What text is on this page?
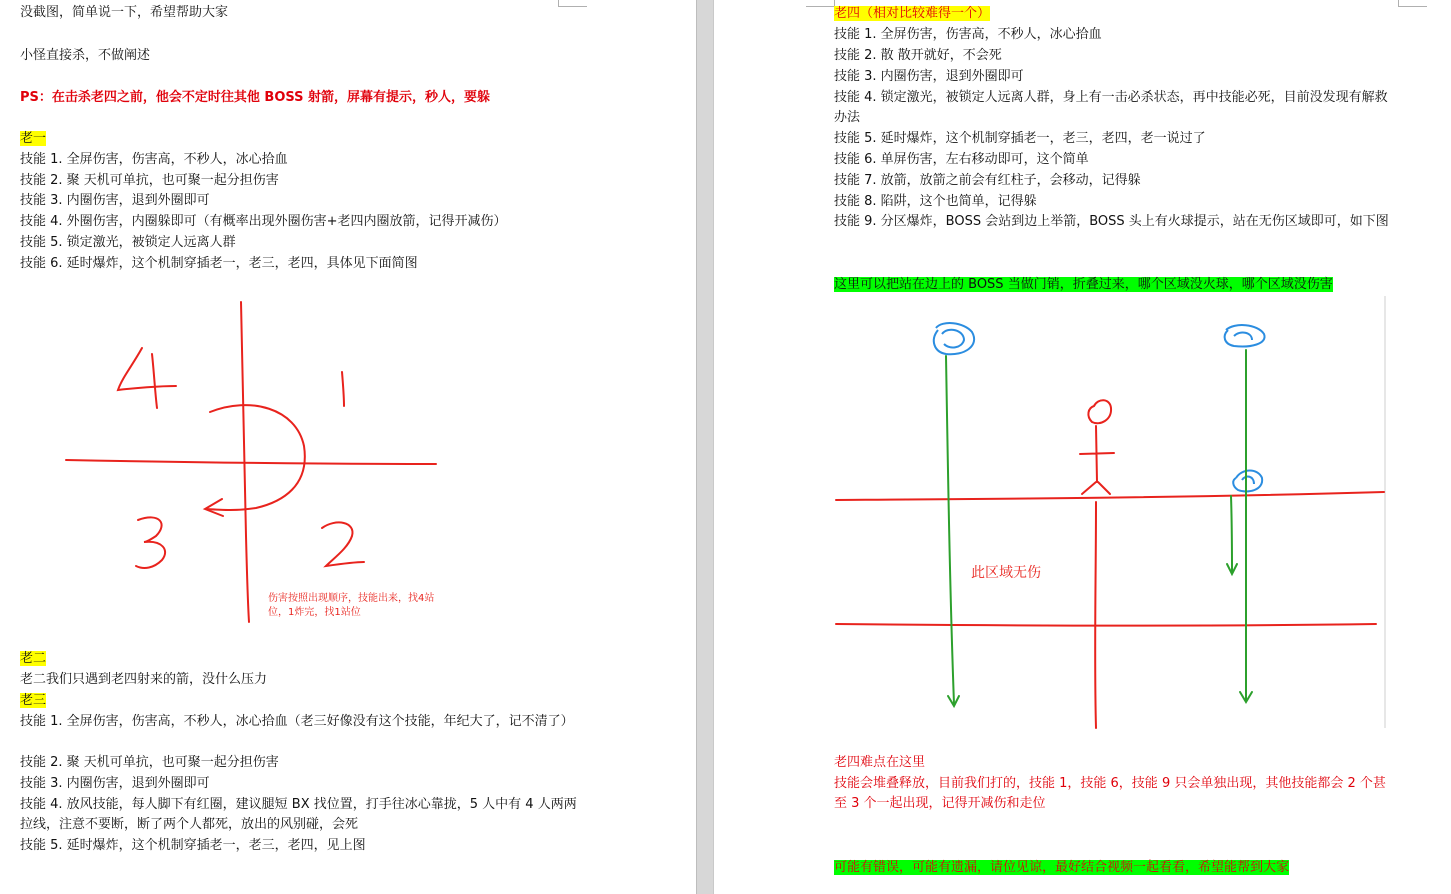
没截图，简单说一下，希望帮助大家
小怪直接杀，不做阐述
PS：在击杀老四之前，他会不定时往其他 BOSS 射箭，屏幕有提示，秒人，要躲
老一
技能 1. 全屏伤害，伤害高，不秒人，冰心拾血
技能 2. 聚 天机可单抗，也可聚一起分担伤害
技能 3. 内圈伤害，退到外圈即可
技能 4. 外圈伤害，内圈躲即可（有概率出现外圈伤害+老四内圈放箭，记得开减伤）
技能 5. 锁定激光，被锁定人远离人群
技能 6. 延时爆炸，这个机制穿插老一，老三，老四，具体见下面简图
伤害按照出现顺序，技能出来，找4站
位，1炸完，找1站位
老二
老二我们只遇到老四射来的箭，没什么压力
老三
技能 1. 全屏伤害，伤害高，不秒人，冰心拾血（老三好像没有这个技能，年纪大了，记不清了）
技能 2. 聚 天机可单抗，也可聚一起分担伤害
技能 3. 内圈伤害，退到外圈即可
技能 4. 放风技能，每人脚下有红圈，建议腿短 BX 找位置，打手往冰心靠拢，5 人中有 4 人两两拉线，注意不要断，断了两个人都死，放出的风别碰，会死
技能 5. 延时爆炸，这个机制穿插老一，老三，老四，见上图
老四（相对比较难得一个）
技能 1. 全屏伤害，伤害高，不秒人，冰心拾血
技能 2. 散 散开就好，不会死
技能 3. 内圈伤害，退到外圈即可
技能 4. 锁定激光，被锁定人远离人群，身上有一击必杀状态，再中技能必死，目前没发现有解救办法
技能 5. 延时爆炸，这个机制穿插老一，老三，老四，老一说过了
技能 6. 单屏伤害，左右移动即可，这个简单
技能 7. 放箭，放箭之前会有红柱子，会移动，记得躲
技能 8. 陷阱，这个也简单，记得躲
技能 9. 分区爆炸，BOSS 会站到边上举箭，BOSS 头上有火球提示，站在无伤区域即可，如下图
这里可以把站在边上的 BOSS 当做门销，折叠过来，哪个区域没火球，哪个区域没伤害
此区域无伤
老四难点在这里
技能会堆叠释放，目前我们打的，技能 1，技能 6，技能 9 只会单独出现，其他技能都会 2 个甚至 3 个一起出现，记得开减伤和走位
可能有错误，可能有遗漏，请位见谅，最好结合视频一起看看，希望能帮到大家
